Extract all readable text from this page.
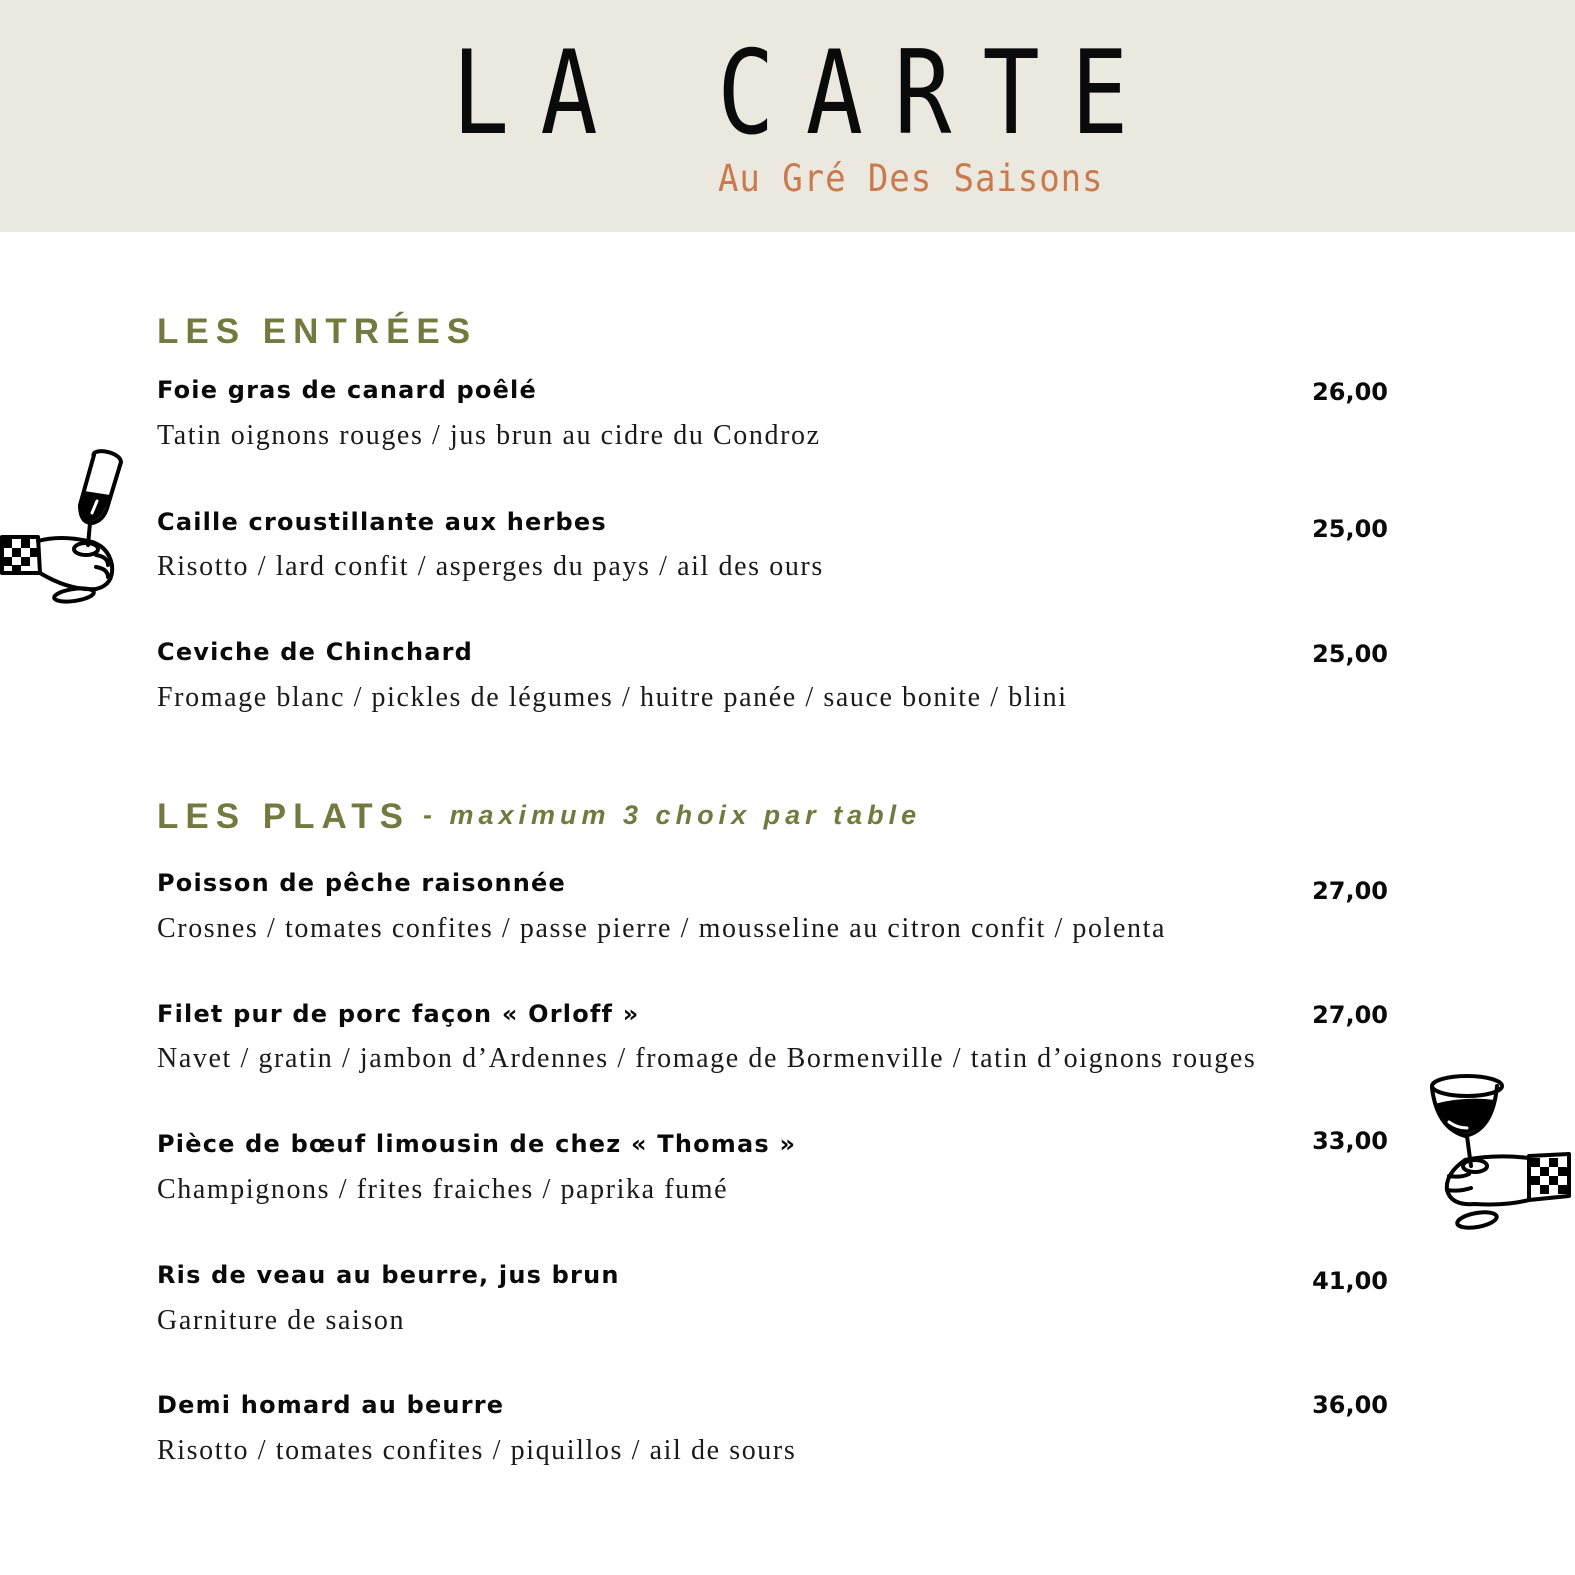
LA CARTE
Au Gré Des Saisons
LES ENTRÉES
Foie gras de canard poêlé
Tatin oignons rouges / jus brun au cidre du Condroz
26,00
Caille croustillante aux herbes
Risotto / lard confit / asperges du pays / ail des ours
25,00
Ceviche de Chinchard
Fromage blanc / pickles de légumes / huitre panée / sauce bonite / blini
25,00
LES PLATS - maximum 3 choix par table
Poisson de pêche raisonnée
Crosnes / tomates confites / passe pierre / mousseline au citron confit / polenta
27,00
Filet pur de porc façon « Orloff »
Navet / gratin / jambon d’Ardennes / fromage de Bormenville / tatin d’oignons rouges
27,00
Pièce de bœuf limousin de chez « Thomas »
Champignons / frites fraiches / paprika fumé
33,00
Ris de veau au beurre, jus brun
Garniture de saison
41,00
Demi homard au beurre
Risotto / tomates confites / piquillos / ail de sours
36,00
